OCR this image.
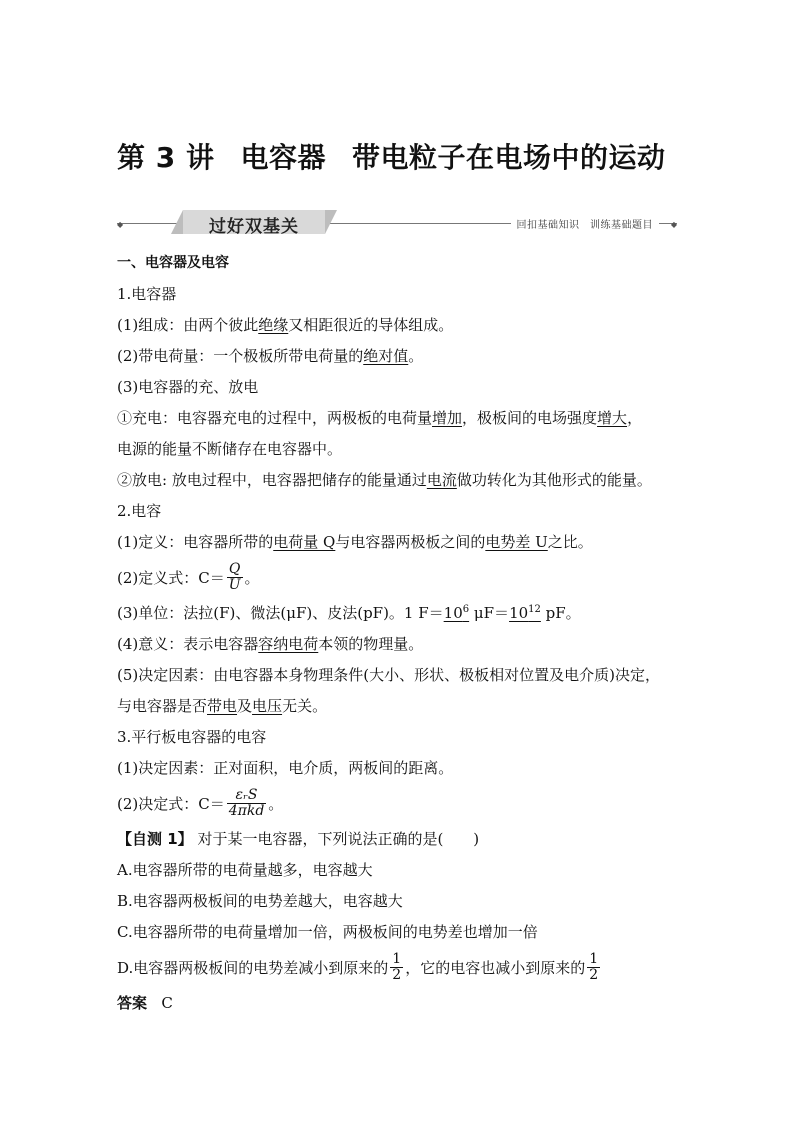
第 3 讲 电容器 带电粒子在电场中的运动
◆	◆
过好双基关	回扣基础知识　训练基础题目

一、电容器及电容

1.电容器

(1)组成：由两个彼此绝缘又相距很近的导体组成。

(2)带电荷量：一个极板所带电荷量的绝对值。

(3)电容器的充、放电

①充电：电容器充电的过程中，两极板的电荷量增加，极板间的电场强度增大，

电源的能量不断储存在电容器中。

②放电: 放电过程中，电容器把储存的能量通过电流做功转化为其他形式的能量。

2.电容

(1)定义：电容器所带的电荷量 Q与电容器两极板之间的电势差 U之比。

(2)定义式：$C= \frac{Q}{U}$ 。

(3)单位：法拉(F)、微法(μF)、皮法(pF)。1 $F=10^6$ $\mu F=10^{12}$ pF。

(4)意义：表示电容器容纳电荷本领的物理量。

(5)决定因素：由电容器本身物理条件(大小、形状、极板相对位置及电介质)决定，

与电容器是否带电及电压无关。

3.平行板电容器的电容

(1)决定因素：正对面积，电介质，两板间的距离。

(2)决定式：$C= \frac{\text{εᵣS}}{\text{4πkd}}$ 。

【自测 1】 对于某一电容器，下列说法正确的是(　　)

A.电容器所带的电荷量越多，电容越大

B.电容器两极板间的电势差越大，电容越大

C.电容器所带的电荷量增加一倍，两极板间的电势差也增加一倍

D.电容器两极板间的电势差减小到原来的 $\frac{1}{2}$ ，它的电容也减小到原来的 $\frac{1}{2}$

答案 C
